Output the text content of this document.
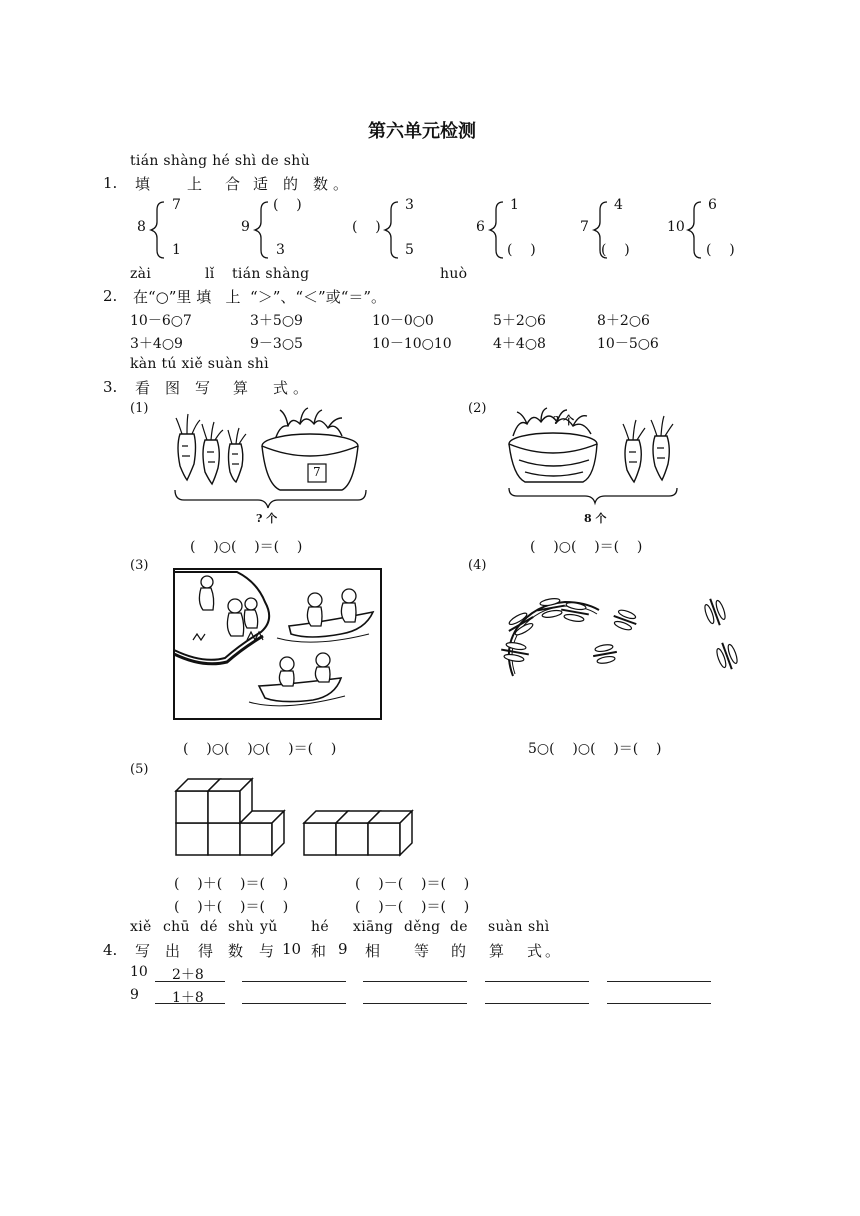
第六单元检测
tián shàng hé shì de shù
1. 填 上 合 适 的 数 。
8
7
1
9
(    )
3
(    )
3
5
6
1
(    )
7
4
(    )
10
6
(    )
zài	lǐ tián shàng	huò
2. 在“○”里 填   上  “＞”、“＜”或“＝”。
10－6○7	3＋5○9	10－0○0	5＋2○6	8＋2○6
3＋4○9	9－3○5	10－10○10	4＋4○8	10－5○6
kàn tú xiě suàn shì
3. 看 图 写 算 式 。
(1)
7
? 个
(    )○(    )＝(    )
(2)
? 个
8 个
(    )○(    )＝(    )
(3)
(    )○(    )○(    )＝(    )
(4)
5○(    )○(    )＝(    )
(5)
(    )＋(    )＝(    )	(    )－(    )＝(    )
(    )＋(    )＝(    )	(    )－(    )＝(    )
xiě chū dé shù yǔ hé xiāng děng de suàn shì
4. 写 出 得 数 与 10 和 9 相 等 的 算 式 。
10 2＋8
9 1＋8
